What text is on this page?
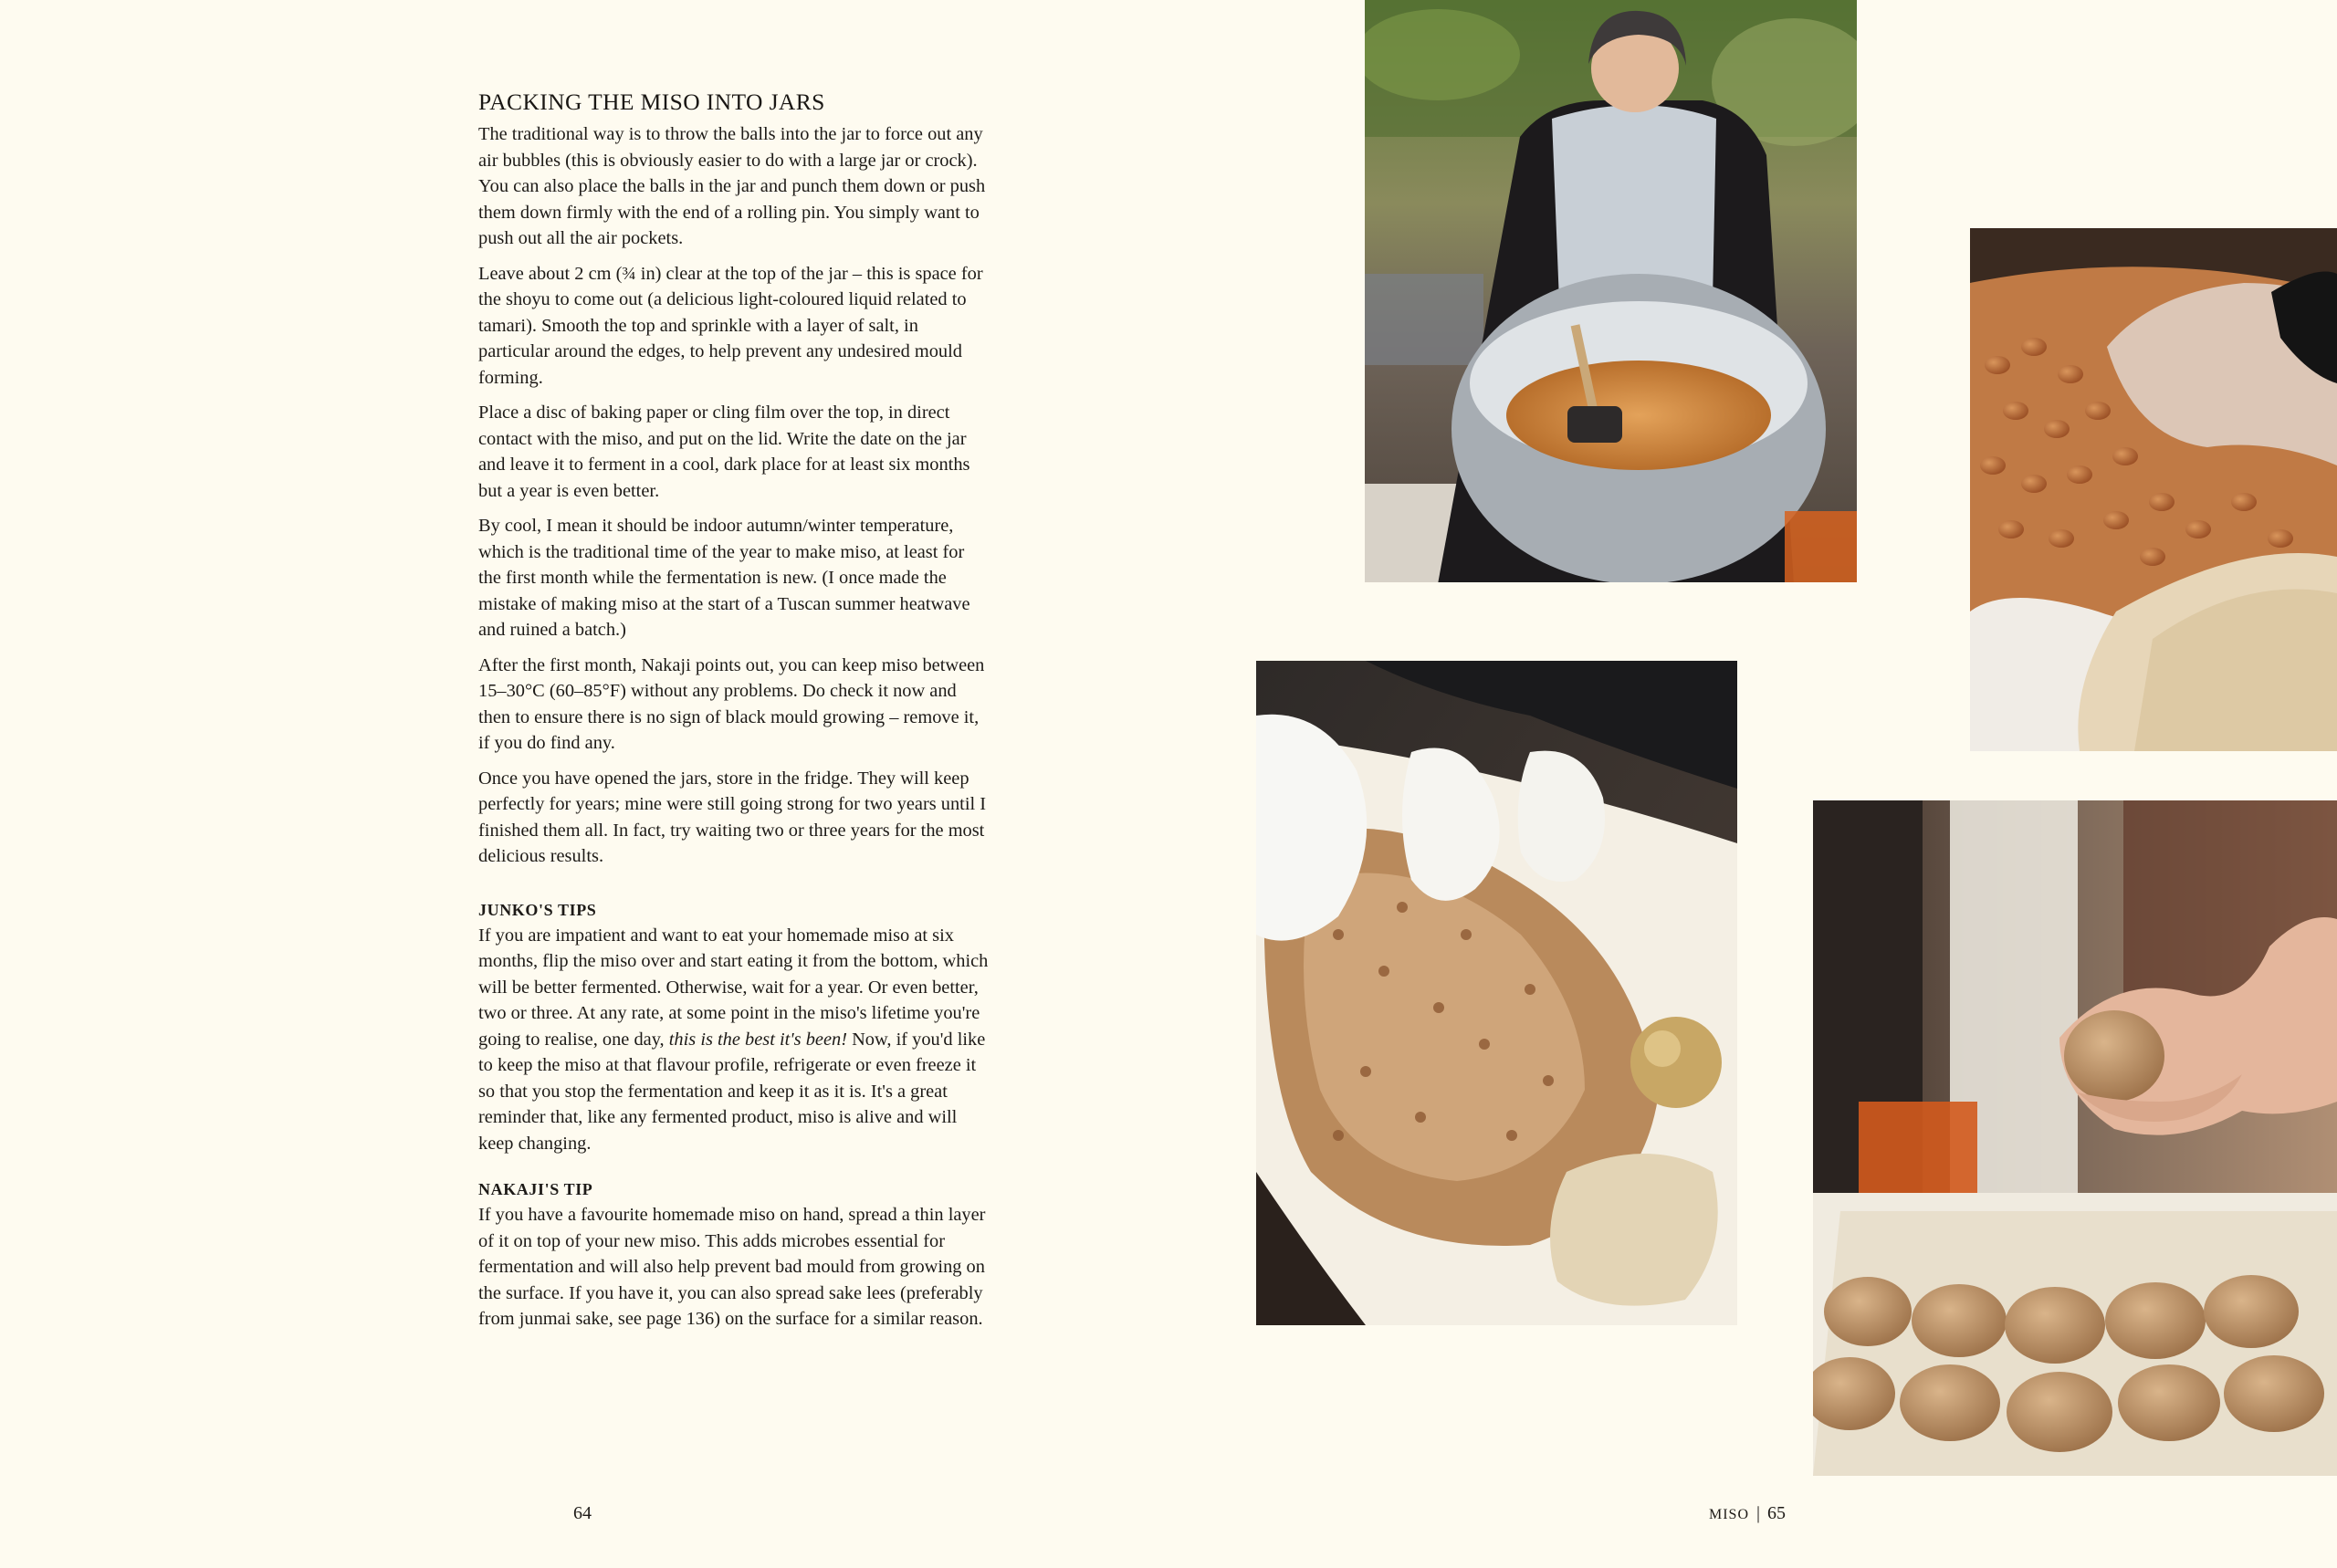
PACKING THE MISO INTO JARS

The traditional way is to throw the balls into the jar to force out any air bubbles (this is obviously easier to do with a large jar or crock). You can also place the balls in the jar and punch them down or push them down firmly with the end of a rolling pin. You simply want to push out all the air pockets.

Leave about 2 cm (¾ in) clear at the top of the jar – this is space for the shoyu to come out (a delicious light-coloured liquid related to tamari). Smooth the top and sprinkle with a layer of salt, in particular around the edges, to help prevent any undesired mould forming.

Place a disc of baking paper or cling film over the top, in direct contact with the miso, and put on the lid. Write the date on the jar and leave it to ferment in a cool, dark place for at least six months but a year is even better.

By cool, I mean it should be indoor autumn/winter temperature, which is the traditional time of the year to make miso, at least for the first month while the fermentation is new. (I once made the mistake of making miso at the start of a Tuscan summer heatwave and ruined a batch.)

After the first month, Nakaji points out, you can keep miso between 15–30°C (60–85°F) without any problems. Do check it now and then to ensure there is no sign of black mould growing – remove it, if you do find any.

Once you have opened the jars, store in the fridge. They will keep perfectly for years; mine were still going strong for two years until I finished them all. In fact, try waiting two or three years for the most delicious results.

JUNKO'S TIPS

If you are impatient and want to eat your homemade miso at six months, flip the miso over and start eating it from the bottom, which will be better fermented. Otherwise, wait for a year. Or even better, two or three. At any rate, at some point in the miso's lifetime you're going to realise, one day, this is the best it's been! Now, if you'd like to keep the miso at that flavour profile, refrigerate or even freeze it so that you stop the fermentation and keep it as it is. It's a great reminder that, like any fermented product, miso is alive and will keep changing.

NAKAJI'S TIP

If you have a favourite homemade miso on hand, spread a thin layer of it on top of your new miso. This adds microbes essential for fermentation and will also help prevent bad mould from growing on the surface. If you have it, you can also spread sake lees (preferably from junmai sake, see page 136) on the surface for a similar reason.

64	MISO | 65
